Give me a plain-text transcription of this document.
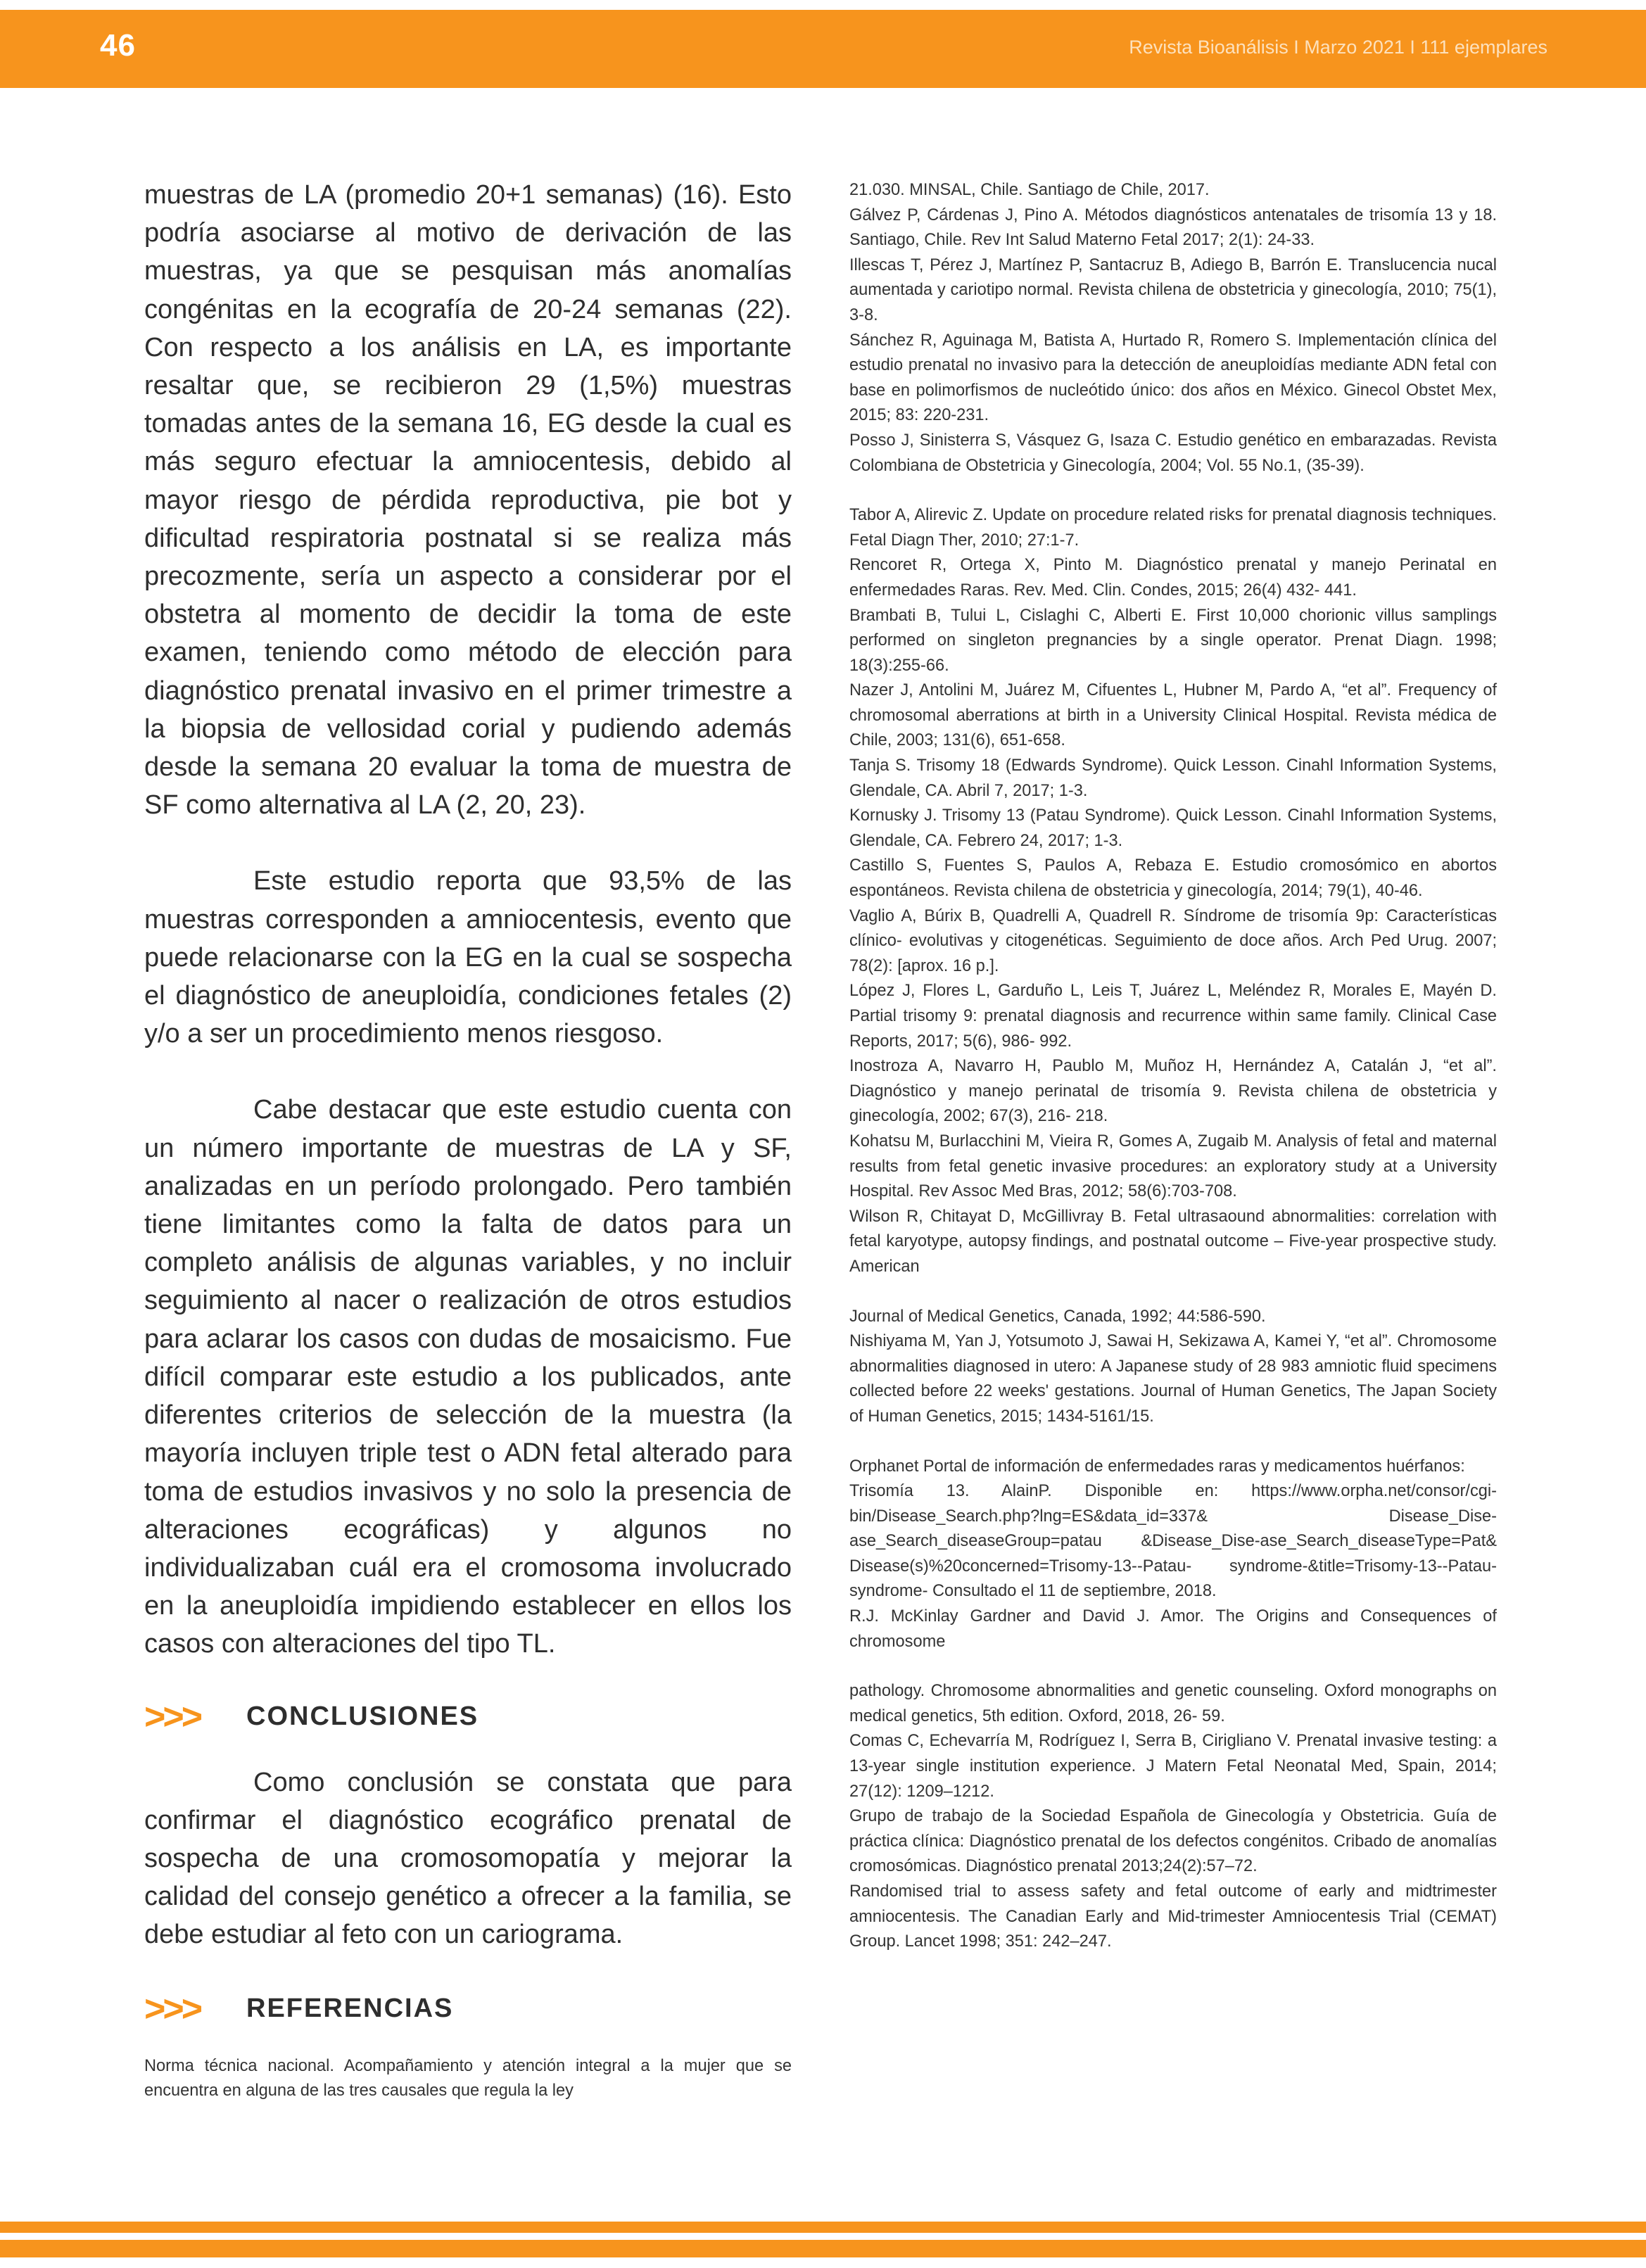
46	Revista Bioanálisis I Marzo 2021 I 111 ejemplares

muestras de LA (promedio 20+1 semanas) (16). Esto podría asociarse al motivo de derivación de las muestras, ya que se pesquisan más anomalías congénitas en la ecografía de 20-24 semanas (22). Con respecto a los análisis en LA, es importante resaltar que, se recibieron 29 (1,5%) muestras tomadas antes de la semana 16, EG desde la cual es más seguro efectuar la amniocentesis, debido al mayor riesgo de pérdida reproductiva, pie bot y dificultad respiratoria postnatal si se realiza más precozmente, sería un aspecto a considerar por el obstetra al momento de decidir la toma de este examen, teniendo como método de elección para diagnóstico prenatal invasivo en el primer trimestre a la biopsia de vellosidad corial y pudiendo además desde la semana 20 evaluar la toma de muestra de SF como alternativa al LA (2, 20, 23).

Este estudio reporta que 93,5% de las muestras corresponden a amniocentesis, evento que puede relacionarse con la EG en la cual se sospecha el diagnóstico de aneuploidía, condiciones fetales (2) y/o a ser un procedimiento menos riesgoso.

Cabe destacar que este estudio cuenta con un número importante de muestras de LA y SF, analizadas en un período prolongado. Pero también tiene limitantes como la falta de datos para un completo análisis de algunas variables, y no incluir seguimiento al nacer o realización de otros estudios para aclarar los casos con dudas de mosaicismo. Fue difícil comparar este estudio a los publicados, ante diferentes criterios de selección de la muestra (la mayoría incluyen triple test o ADN fetal alterado para toma de estudios invasivos y no solo la presencia de alteraciones ecográficas) y algunos no individualizaban cuál era el cromosoma involucrado en la aneuploidía impidiendo establecer en ellos los casos con alteraciones del tipo TL.

>>>	CONCLUSIONES

Como conclusión se constata que para confirmar el diagnóstico ecográfico prenatal de sospecha de una cromosomopatía y mejorar la calidad del consejo genético a ofrecer a la familia, se debe estudiar al feto con un cariograma.

>>>	REFERENCIAS

Norma técnica nacional. Acompañamiento y atención integral a la mujer que se encuentra en alguna de las tres causales que regula la ley

21.030. MINSAL, Chile. Santiago de Chile, 2017.
Gálvez P, Cárdenas J, Pino A. Métodos diagnósticos antenatales de trisomía 13 y 18. Santiago, Chile. Rev Int Salud Materno Fetal 2017; 2(1): 24-33.
Illescas T, Pérez J, Martínez P, Santacruz B, Adiego B, Barrón E. Translucencia nucal aumentada y cariotipo normal. Revista chilena de obstetricia y ginecología, 2010; 75(1), 3-8.
Sánchez R, Aguinaga M, Batista A, Hurtado R, Romero S. Implementación clínica del estudio prenatal no invasivo para la detección de aneuploidías mediante ADN fetal con base en polimorfismos de nucleótido único: dos años en México. Ginecol Obstet Mex, 2015; 83: 220-231.
Posso J, Sinisterra S, Vásquez G, Isaza C. Estudio genético en embarazadas. Revista Colombiana de Obstetricia y Ginecología, 2004; Vol. 55 No.1, (35-39).
Tabor A, Alirevic Z. Update on procedure related risks for prenatal diagnosis techniques. Fetal Diagn Ther, 2010; 27:1-7.
Rencoret R, Ortega X, Pinto M. Diagnóstico prenatal y manejo Perinatal en enfermedades Raras. Rev. Med. Clin. Condes, 2015; 26(4) 432- 441.
Brambati B, Tului L, Cislaghi C, Alberti E. First 10,000 chorionic villus samplings performed on singleton pregnancies by a single operator. Prenat Diagn. 1998; 18(3):255-66.
Nazer J, Antolini M, Juárez M, Cifuentes L, Hubner M, Pardo A, “et al”. Frequency of chromosomal aberrations at birth in a University Clinical Hospital. Revista médica de Chile, 2003; 131(6), 651-658.
Tanja S. Trisomy 18 (Edwards Syndrome). Quick Lesson. Cinahl Information Systems, Glendale, CA. Abril 7, 2017; 1-3.
Kornusky J. Trisomy 13 (Patau Syndrome). Quick Lesson. Cinahl Information Systems, Glendale, CA. Febrero 24, 2017; 1-3.
Castillo S, Fuentes S, Paulos A, Rebaza E. Estudio cromosómico en abortos espontáneos. Revista chilena de obstetricia y ginecología, 2014; 79(1), 40-46.
Vaglio A, Búrix B, Quadrelli A, Quadrell R. Síndrome de trisomía 9p: Características clínico- evolutivas y citogenéticas. Seguimiento de doce años. Arch Ped Urug. 2007; 78(2): [aprox. 16 p.].
López J, Flores L, Garduño L, Leis T, Juárez L, Meléndez R, Morales E, Mayén D. Partial trisomy 9: prenatal diagnosis and recurrence within same family. Clinical Case Reports, 2017; 5(6), 986- 992.
Inostroza A, Navarro H, Paublo M, Muñoz H, Hernández A, Catalán J, “et al”. Diagnóstico y manejo perinatal de trisomía 9. Revista chilena de obstetricia y ginecología, 2002; 67(3), 216- 218.
Kohatsu M, Burlacchini M, Vieira R, Gomes A, Zugaib M. Analysis of fetal and maternal results from fetal genetic invasive procedures: an exploratory study at a University Hospital. Rev Assoc Med Bras, 2012; 58(6):703-708.
Wilson R, Chitayat D, McGillivray B. Fetal ultrasaound abnormalities: correlation with fetal karyotype, autopsy findings, and postnatal outcome – Five-year prospective study. American
Journal of Medical Genetics, Canada, 1992; 44:586-590.
Nishiyama M, Yan J, Yotsumoto J, Sawai H, Sekizawa A, Kamei Y, “et al”. Chromosome abnormalities diagnosed in utero: A Japanese study of 28 983 amniotic fluid specimens collected before 22 weeks' gestations. Journal of Human Genetics, The Japan Society of Human Genetics, 2015; 1434-5161/15.
Orphanet Portal de información de enfermedades raras y medicamentos huérfanos:
Trisomía 13. AlainP. Disponible en: https://www.orpha.net/consor/cgi-bin/Disease_Search.php?lng=ES&data_id=337& Disease_Dise-ase_Search_diseaseGroup=patau &Disease_Dise-ase_Search_diseaseType=Pat& Disease(s)%20concerned=Trisomy-13--Patau- syndrome-&title=Trisomy-13--Patau-syndrome- Consultado el 11 de septiembre, 2018.
R.J. McKinlay Gardner and David J. Amor. The Origins and Consequences of chromosome
pathology. Chromosome abnormalities and genetic counseling. Oxford monographs on medical genetics, 5th edition. Oxford, 2018, 26- 59.
Comas C, Echevarría M, Rodríguez I, Serra B, Cirigliano V. Prenatal invasive testing: a 13-year single institution experience. J Matern Fetal Neonatal Med, Spain, 2014; 27(12): 1209–1212.
Grupo de trabajo de la Sociedad Española de Ginecología y Obstetricia. Guía de práctica clínica: Diagnóstico prenatal de los defectos congénitos. Cribado de anomalías cromosómicas. Diagnóstico prenatal 2013;24(2):57–72.
Randomised trial to assess safety and fetal outcome of early and midtrimester amniocentesis. The Canadian Early and Mid-trimester Amniocentesis Trial (CEMAT) Group. Lancet 1998; 351: 242–247.
